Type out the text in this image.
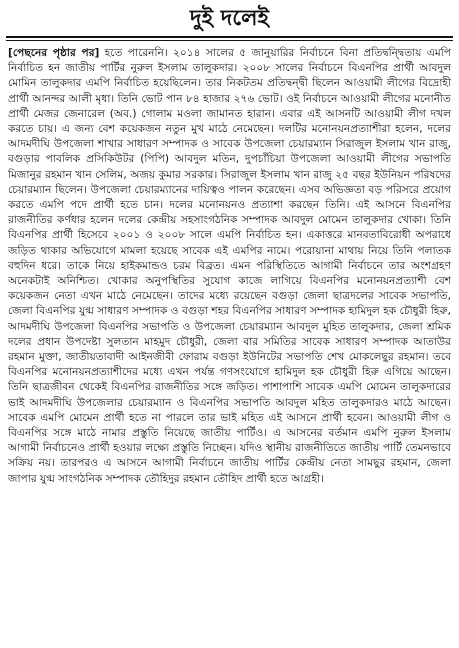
দুই দলেই
[পেছনের পৃষ্ঠার পর] হতে পারেননি। ২০১৪ সালের ৫ জানুয়ারির নির্বাচনে বিনা প্রতিদ্বন্দ্বিতায় এমপি নির্বাচিত হন জাতীয় পার্টির নুরুল ইসলাম তালুকদার। ২০০৮ সালের নির্বাচনে বিএনপির প্রার্থী আবদুল মোমিন তালুকদার এমপি নির্বাচিত হয়েছিলেন। তার নিকটতম প্রতিদ্বন্দ্বী ছিলেন আওয়ামী লীগের বিদ্রোহী প্রার্থী আনন্দর আলী মৃধা। তিনি ভোট পান ৮৪ হাজার ২৭৬ ভোট। ওই নির্বাচনে আওয়ামী লীগের মনোনীত প্রার্থী মেজর জেনারেল (অব.) গোলাম মওলা জামানত হারান। এবার এই আসনটি আওয়ামী লীগ দখল করতে চায়। এ জন্য বেশ কয়েকজন নতুন মুখ মাঠে নেমেছেন। দলটির মনোনয়নপ্রত্যাশীরা হলেন, দলের আদমদীঘি উপজেলা শাখার সাধারণ সম্পাদক ও সাবেক উপজেলা চেয়ারম্যান সিরাজুল ইসলাম খান রাজু, বগুড়ার পাবলিক প্রসিকিউটর (পিপি) আবদুল মতিন, দুপচাঁচিয়া উপজেলা আওয়ামী লীগের সভাপতি মিজানুর রহমান খান সেলিম, অজয় কুমার সরকার। সিরাজুল ইসলাম খান রাজু ২৫ বছর ইউনিয়ন পরিষদের চেয়ারম্যান ছিলেন। উপজেলা চেয়ারম্যানের দায়িত্বও পালন করেছেন। এসব অভিজ্ঞতা বড় পরিসরে প্রয়োগ করতে এমপি পদে প্রার্থী হতে চান। দলের মনোনয়নও প্রত্যাশা করছেন তিনি। এই আসনে বিএনপির রাজনীতির কর্ণধার হলেন দলের কেন্দ্রীয় সহসাংগঠনিক সম্পাদক আবদুল মোমেন তালুকদার খোকা। তিনি বিএনপির প্রার্থী হিসেবে ২০০১ ও ২০০৮ সালে এমপি নির্বাচিত হন। একাত্তরে মানবতাবিরোধী অপরাধে জড়িত থাকার অভিযোগে মামলা হয়েছে সাবেক এই এমপির নামে। পরোয়ানা মাথায় নিয়ে তিনি পলাতক বহুদিন ধরে। তাকে নিয়ে হাইকমান্ডও চরম বিব্রত। এমন পরিস্থিতিতে আগামী নির্বাচনে তার অংশগ্রহণ অনেকটাই অনিশ্চিত। খোকার অনুপস্থিতির সুযোগ কাজে লাগিয়ে বিএনপির মনোনয়নপ্রত্যাশী বেশ কয়েকজন নেতা এখন মাঠে নেমেছেন। তাদের মধ্যে রয়েছেন বগুড়া জেলা ছাত্রদলের সাবেক সভাপতি, জেলা বিএনপির যুগ্ম সাধারণ সম্পাদক ও বগুড়া শহর বিএনপির সাধারণ সম্পাদক হামিদুল হক চৌধুরী হিরু, আদমদীঘি উপজেলা বিএনপির সভাপতি ও উপজেলা চেয়ারম্যান আবদুল মুহিত তালুকদার, জেলা শ্রমিক দলের প্রধান উপদেষ্টা সুলতান মাহমুদ চৌধুরী, জেলা বার সমিতির সাবেক সাধারণ সম্পাদক আতাউর রহমান মুক্তা, জাতীয়তাবাদী আইনজীবী ফোরাম বগুড়া ইউনিটের সভাপতি শেখ মোকলেছুর রহমান। তবে বিএনপির মনোনয়নপ্রত্যাশীদের মধ্যে এখন পর্যন্ত গণসংযোগে হামিদুল হক চৌধুরী হিরু এগিয়ে আছেন। তিনি ছাত্রজীবন থেকেই বিএনপির রাজনীতির সঙ্গে জড়িত। পাশাপাশি সাবেক এমপি মোমেন তালুকদারের ভাই আদমদীঘি উপজেলার চেয়ারম্যান ও বিএনপির সভাপতি আবদুল মহিত তালুকদারও মাঠে আছেন। সাবেক এমপি মোমেন প্রার্থী হতে না পারলে তার ভাই মহিত এই আসনে প্রার্থী হবেন। আওয়ামী লীগ ও বিএনপির সঙ্গে মাঠে নামার প্রস্তুতি নিয়েছে জাতীয় পার্টিও। এ আসনের বর্তমান এমপি নুরুল ইসলাম আগামী নির্বাচনেও প্রার্থী হওয়ার লক্ষ্যে প্রস্তুতি নিচ্ছেন। যদিও স্থানীয় রাজনীতিতে জাতীয় পার্টি তেমনভাবে সক্রিয় নয়। তারপরও এ আসনে আগামী নির্বাচনে জাতীয় পার্টির কেন্দ্রীয় নেতা সামছুর রহমান, জেলা জাপার যুগ্ম সাংগঠনিক সম্পাদক তৌহিদুর রহমান তৌহিদ প্রার্থী হতে আগ্রহী।
